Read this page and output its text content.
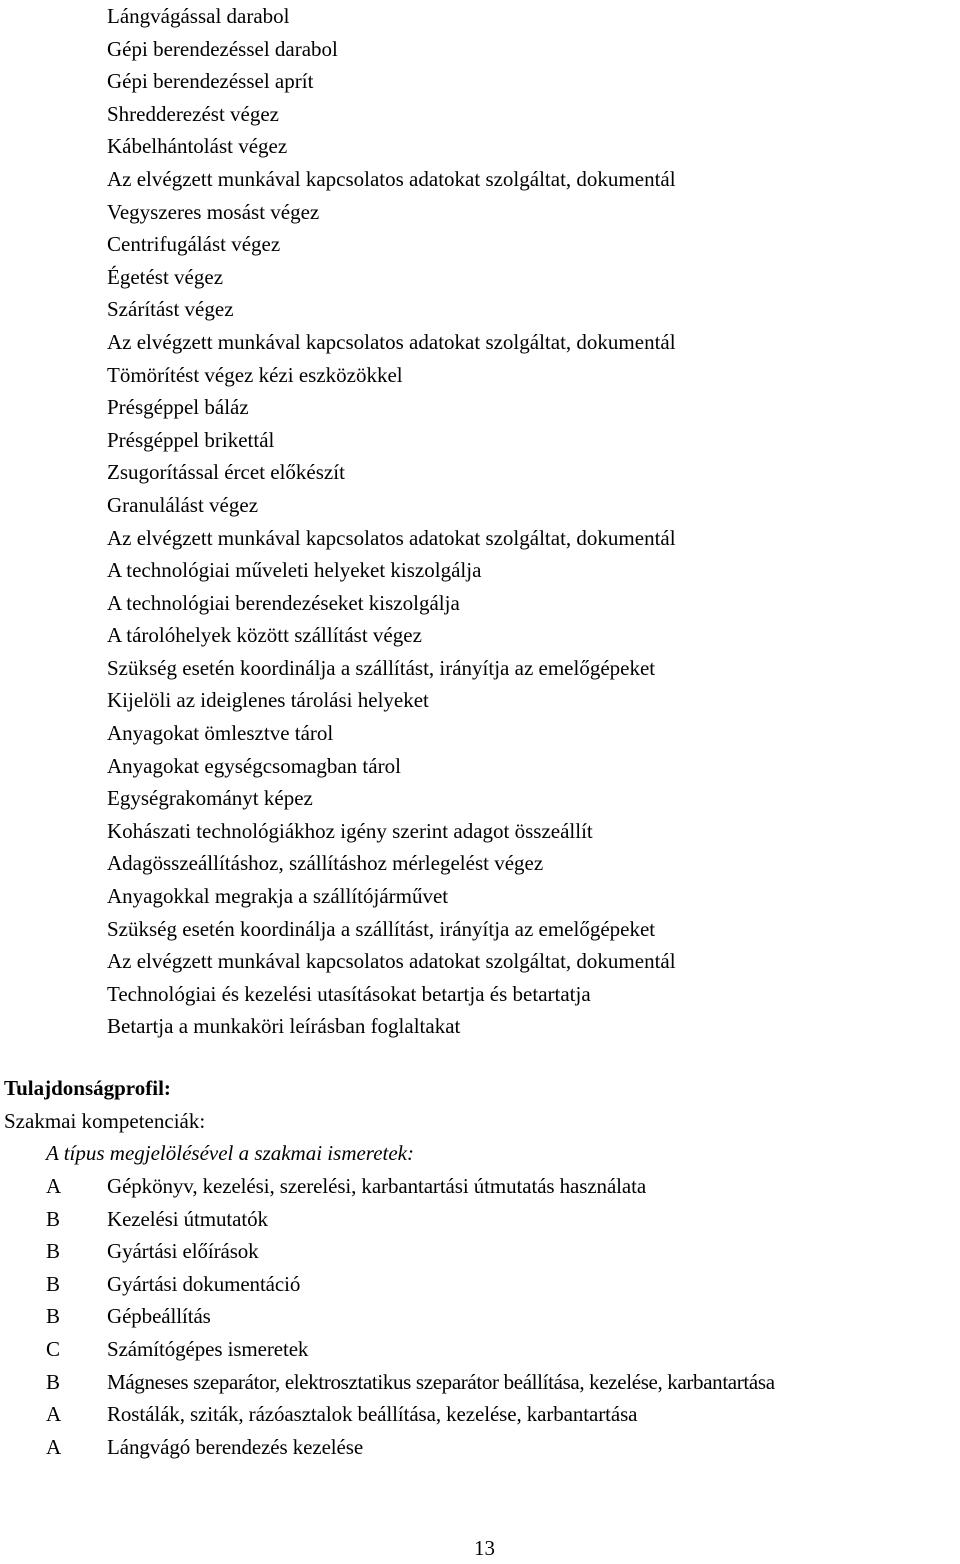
Lángvágással darabol
Gépi berendezéssel darabol
Gépi berendezéssel aprít
Shredderezést végez
Kábelhántolást végez
Az elvégzett munkával kapcsolatos adatokat szolgáltat, dokumentál
Vegyszeres mosást végez
Centrifugálást végez
Égetést végez
Szárítást végez
Az elvégzett munkával kapcsolatos adatokat szolgáltat, dokumentál
Tömörítést végez kézi eszközökkel
Présgéppel báláz
Présgéppel brikettál
Zsugorítással ércet előkészít
Granulálást végez
Az elvégzett munkával kapcsolatos adatokat szolgáltat, dokumentál
A technológiai műveleti helyeket kiszolgálja
A technológiai berendezéseket kiszolgálja
A tárolóhelyek között szállítást végez
Szükség esetén koordinálja a szállítást, irányítja az emelőgépeket
Kijelöli az ideiglenes tárolási helyeket
Anyagokat ömlesztve tárol
Anyagokat egységcsomagban tárol
Egységrakományt képez
Kohászati technológiákhoz igény szerint adagot összeállít
Adagösszeállításhoz, szállításhoz mérlegelést végez
Anyagokkal megrakja a szállítójárművet
Szükség esetén koordinálja a szállítást, irányítja az emelőgépeket
Az elvégzett munkával kapcsolatos adatokat szolgáltat, dokumentál
Technológiai és kezelési utasításokat betartja és betartatja
Betartja a munkaköri leírásban foglaltakat
Tulajdonságprofil:
Szakmai kompetenciák:
A típus megjelölésével a szakmai ismeretek:
A	Gépkönyv, kezelési, szerelési, karbantartási útmutatás használata
B	Kezelési útmutatók
B	Gyártási előírások
B	Gyártási dokumentáció
B	Gépbeállítás
C	Számítógépes ismeretek
B	Mágneses szeparátor, elektrosztatikus szeparátor beállítása, kezelése, karbantartása
A	Rostálák, sziták, rázóasztalok beállítása, kezelése, karbantartása
A	Lángvágó berendezés kezelése
13
